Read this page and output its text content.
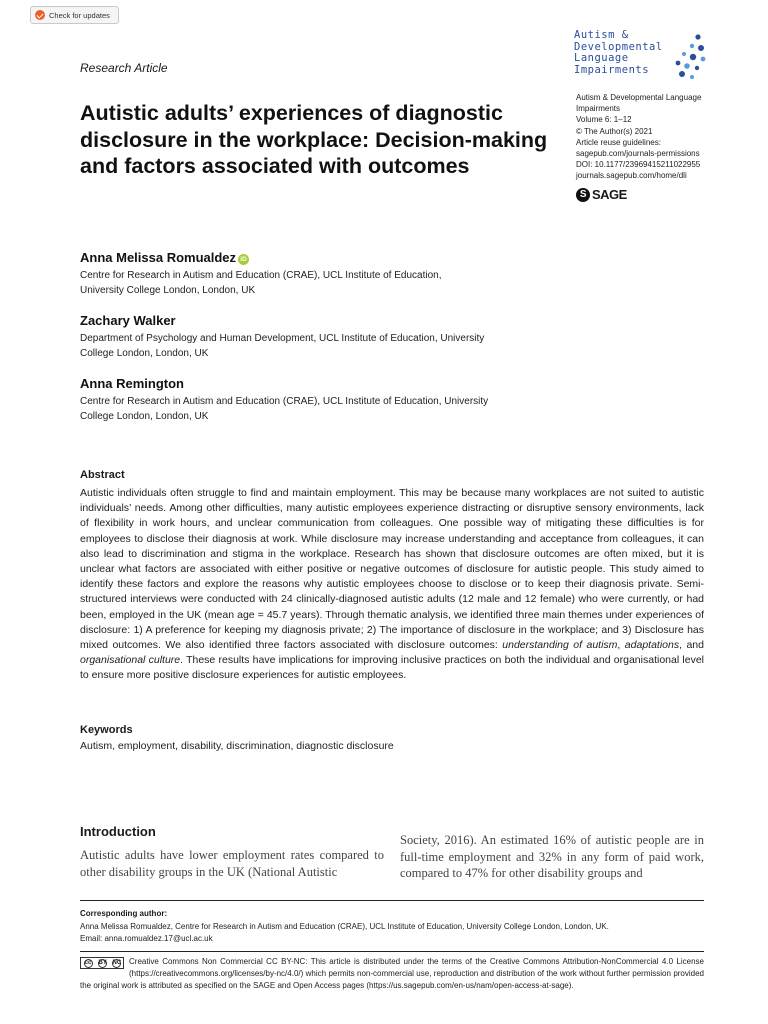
Check for updates
Research Article
Autism &
Developmental
Language
Impairments
Autism & Developmental Language
Impairments
Volume 6: 1–12
© The Author(s) 2021
Article reuse guidelines:
sagepub.com/journals-permissions
DOI: 10.1177/23969415211022955
journals.sagepub.com/home/dli
S SAGE
Autistic adults’ experiences of diagnostic disclosure in the workplace: Decision-making and factors associated with outcomes
Anna Melissa Romualdez iD
Centre for Research in Autism and Education (CRAE), UCL Institute of Education,
University College London, London, UK
Zachary Walker
Department of Psychology and Human Development, UCL Institute of Education, University
College London, London, UK
Anna Remington
Centre for Research in Autism and Education (CRAE), UCL Institute of Education, University
College London, London, UK
Abstract

Autistic individuals often struggle to find and maintain employment. This may be because many workplaces are not suited to autistic individuals’ needs. Among other difficulties, many autistic employees experience distracting or disruptive sensory environments, lack of flexibility in work hours, and unclear communication from colleagues. One possible way of mitigating these difficulties is for employees to disclose their diagnosis at work. While disclosure may increase understanding and acceptance from colleagues, it can also lead to discrimination and stigma in the workplace. Research has shown that disclosure outcomes are often mixed, but it is unclear what factors are associated with either positive or negative outcomes of disclosure for autistic people. This study aimed to identify these factors and explore the reasons why autistic employees choose to disclose or to keep their diagnosis private. Semi-structured interviews were conducted with 24 clinically-diagnosed autistic adults (12 male and 12 female) who were currently, or had been, employed in the UK (mean age = 45.7 years). Through thematic analysis, we identified three main themes under experiences of disclosure: 1) A preference for keeping my diagnosis private; 2) The importance of disclosure in the workplace; and 3) Disclosure has mixed outcomes. We also identified three factors associated with disclosure outcomes: understanding of autism, adaptations, and organisational culture. These results have implications for improving inclusive practices on both the individual and organisational level to ensure more positive disclosure experiences for autistic employees.

Keywords
Autism, employment, disability, discrimination, diagnostic disclosure
Introduction

Autistic adults have lower employment rates compared to other disability groups in the UK (National Autistic

Society, 2016). An estimated 16% of autistic people are in full-time employment and 32% in any form of paid work, compared to 47% for other disability groups and

Corresponding author:
Anna Melissa Romualdez, Centre for Research in Autism and Education (CRAE), UCL Institute of Education, University College London, London, UK.
Email: anna.romualdez.17@ucl.ac.uk
cc BY NC Creative Commons Non Commercial CC BY-NC: This article is distributed under the terms of the Creative Commons Attribution-NonCommercial 4.0 License (https://creativecommons.org/licenses/by-nc/4.0/) which permits non-commercial use, reproduction and distribution of the work without further permission provided the original work is attributed as specified on the SAGE and Open Access pages (https://us.sagepub.com/en-us/nam/open-access-at-sage).
